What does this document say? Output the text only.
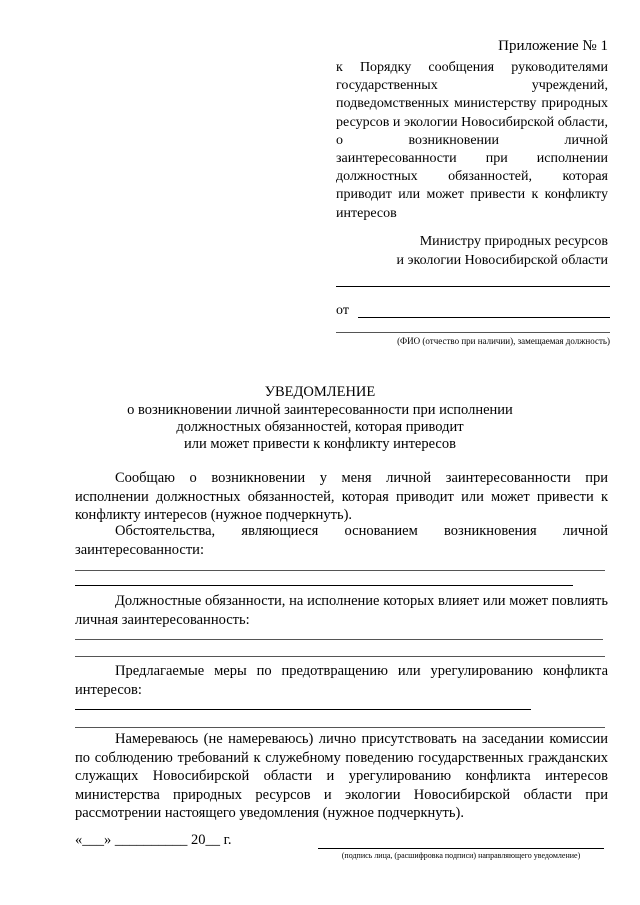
Приложение № 1
к Порядку сообщения руководителями государственных учреждений, подведомственных министерству природных ресурсов и экологии Новосибирской области, о возникновении личной заинтересованности при исполнении должностных обязанностей, которая приводит или может привести к конфликту интересов
Министру природных ресурсов
и экологии Новосибирской области
от
(ФИО (отчество при наличии), замещаемая должность)
УВЕДОМЛЕНИЕ
о возникновении личной заинтересованности при исполнении
должностных обязанностей, которая приводит
или может привести к конфликту интересов
Сообщаю о возникновении у меня личной заинтересованности при исполнении должностных обязанностей, которая приводит или может привести к конфликту интересов (нужное подчеркнуть).
Обстоятельства, являющиеся основанием возникновения личной заинтересованности:
Должностные обязанности, на исполнение которых влияет или может повлиять личная заинтересованность:
Предлагаемые меры по предотвращению или урегулированию конфликта интересов:
Намереваюсь (не намереваюсь) лично присутствовать на заседании комиссии по соблюдению требований к служебному поведению государственных гражданских служащих Новосибирской области и урегулированию конфликта интересов министерства природных ресурсов и экологии Новосибирской области при рассмотрении настоящего уведомления (нужное подчеркнуть).
«___» __________ 20__ г.
(подпись лица, (расшифровка подписи) направляющего уведомление)
